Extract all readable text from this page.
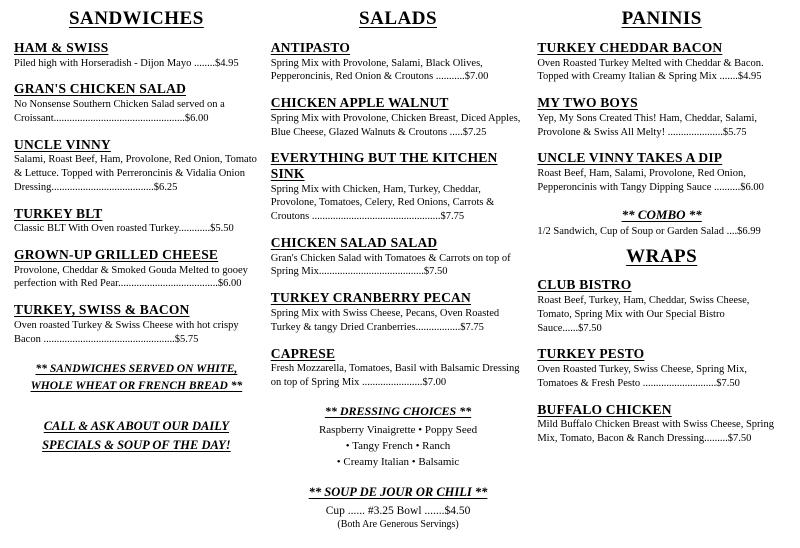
SANDWICHES
HAM & SWISS
Piled high with Horseradish - Dijon Mayo ........$4.95
GRAN'S CHICKEN SALAD
No Nonsense Southern Chicken Salad served on a Croissant..................................................$6.00
UNCLE VINNY
Salami, Roast Beef, Ham, Provolone, Red Onion, Tomato & Lettuce. Topped with Perreroncinis & Vidalia Onion Dressing.......................................$6.25
TURKEY BLT
Classic BLT With Oven roasted Turkey............$5.50
GROWN-UP GRILLED CHEESE
Provolone, Cheddar & Smoked Gouda Melted to gooey perfection with Red Pear......................................$6.00
TURKEY, SWISS & BACON
Oven roasted Turkey & Swiss Cheese with hot crispy Bacon ..................................................$5.75
** SANDWICHES SERVED ON WHITE, WHOLE WHEAT OR FRENCH BREAD **
CALL & ASK ABOUT OUR DAILY SPECIALS & SOUP OF THE DAY!
SALADS
ANTIPASTO
Spring Mix with Provolone, Salami, Black Olives, Pepperoncinis, Red Onion & Croutons ...........$7.00
CHICKEN APPLE WALNUT
Spring Mix with Provolone, Chicken Breast, Diced Apples, Blue Cheese, Glazed Walnuts & Croutons .....$7.25
EVERYTHING BUT THE KITCHEN SINK
Spring Mix with Chicken, Ham, Turkey, Cheddar, Provolone, Tomatoes, Celery, Red Onions, Carrots & Croutons .................................................$7.75
CHICKEN SALAD SALAD
Gran's Chicken Salad with Tomatoes & Carrots on top of Spring Mix........................................$7.50
TURKEY CRANBERRY PECAN
Spring Mix with Swiss Cheese, Pecans, Oven Roasted Turkey & tangy Dried Cranberries.................$7.75
CAPRESE
Fresh Mozzarella, Tomatoes, Basil with Balsamic Dressing on top of Spring Mix .......................$7.00
** DRESSING CHOICES **
Raspberry Vinaigrette • Poppy Seed
• Tangy French • Ranch
• Creamy Italian • Balsamic
** SOUP DE JOUR OR CHILI **
Cup ...... #3.25 Bowl .......$4.50
(Both Are Generous Servings)
PANINIS
TURKEY CHEDDAR BACON
Oven Roasted Turkey Melted with Cheddar & Bacon. Topped with Creamy Italian & Spring Mix .......$4.95
MY TWO BOYS
Yep, My Sons Created This! Ham, Cheddar, Salami, Provolone & Swiss All Melty! .....................$5.75
UNCLE VINNY TAKES A DIP
Roast Beef, Ham, Salami, Provolone, Red Onion, Pepperoncinis with Tangy Dipping Sauce ..........$6.00
** COMBO **
1/2 Sandwich, Cup of Soup or Garden Salad ....$6.99
WRAPS
CLUB BISTRO
Roast Beef, Turkey, Ham, Cheddar, Swiss Cheese, Tomato, Spring Mix with Our Special Bistro Sauce......$7.50
TURKEY PESTO
Oven Roasted Turkey, Swiss Cheese, Spring Mix, Tomatoes & Fresh Pesto ............................$7.50
BUFFALO CHICKEN
Mild Buffalo Chicken Breast with Swiss Cheese, Spring Mix, Tomato, Bacon & Ranch Dressing.........$7.50
